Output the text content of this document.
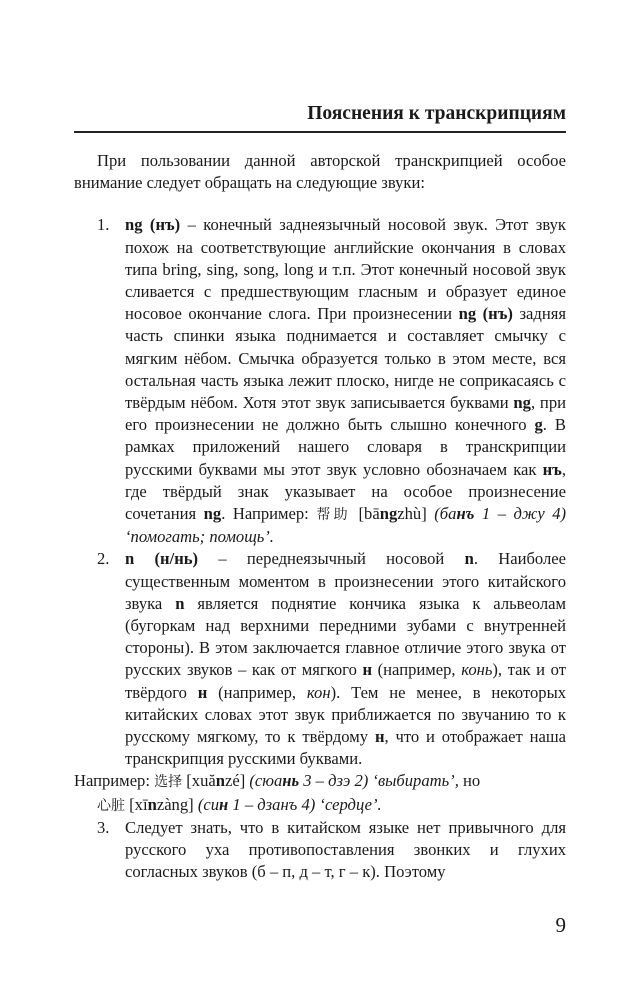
Пояснения к транскрипциям

При пользовании данной авторской транскрипцией особое внимание следует обращать на следующие звуки:

1. ng (нъ) – конечный заднеязычный носовой звук. Этот звук похож на соответствующие английские окончания в словах типа bring, sing, song, long и т.п. Этот конечный носовой звук сливается с предшествующим гласным и образует единое носовое окончание слога. При произнесении ng (нъ) задняя часть спинки языка поднимается и составляет смычку с мягким нёбом. Смычка образуется только в этом месте, вся остальная часть языка лежит плоско, нигде не соприкасаясь с твёрдым нёбом. Хотя этот звук записывается буквами ng, при его произнесении не должно быть слышно конечного g. В рамках приложений нашего словаря в транскрипции русскими буквами мы этот звук условно обозначаем как нъ, где твёрдый знак указывает на особое произнесение сочетания ng. Например: 帮助 [bāngzhù] (банъ 1 – джу 4) ‘помогать; помощь’.

2. n (н/нь) – переднеязычный носовой n. Наиболее существенным моментом в произнесении этого китайского звука n является поднятие кончика языка к альвеолам (бугоркам над верхними передними зубами с внутренней стороны). В этом заключается главное отличие этого звука от русских звуков – как от мягкого н (например, конь), так и от твёрдого н (например, кон). Тем не менее, в некоторых китайских словах этот звук приближается по звучанию то к русскому мягкому, то к твёрдому н, что и отображает наша транскрипция русскими буквами.

Например: 选择 [xuănzé] (сюань 3 – дзэ 2) ‘выбирать’, но
心脏 [xīnzàng] (син 1 – дзанъ 4) ‘сердце’.

3. Следует знать, что в китайском языке нет привычного для русского уха противопоставления звонких и глухих согласных звуков (б – п, д – т, г – к). Поэтому

9
